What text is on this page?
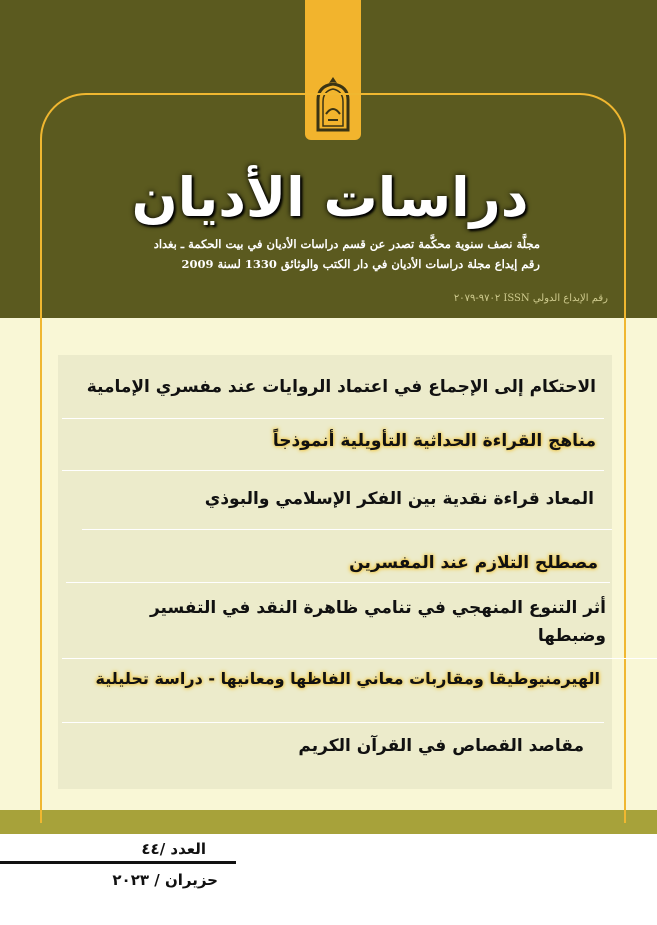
دراسات الأديان
مجلَّة نصف سنوية محكَّمة تصدر عن قسم دراسات الأديان في بيت الحكمة ـ بغداد
رقم إيداع مجلة دراسات الأديان في دار الكتب والوثائق 1330 لسنة 2009
رقم الإيداع الدولي ISSN ٩٧٠٢-٢٠٧٩
الاحتكام إلى الإجماع في اعتماد الروايات عند مفسري الإمامية
مناهج القراءة الحداثية التأويلية أنموذجاً
المعاد قراءة نقدية بين الفكر الإسلامي والبوذي
مصطلح التلازم عند المفسرين
أثر التنوع المنهجي في تنامي ظاهرة النقد في التفسير وضبطها
الهيرمنيوطيقا ومقاربات معاني الفاظها ومعانيها - دراسة تحليلية
مقاصد القصاص في القرآن الكريم
العدد /٤٤
حزيران / ٢٠٢٣
